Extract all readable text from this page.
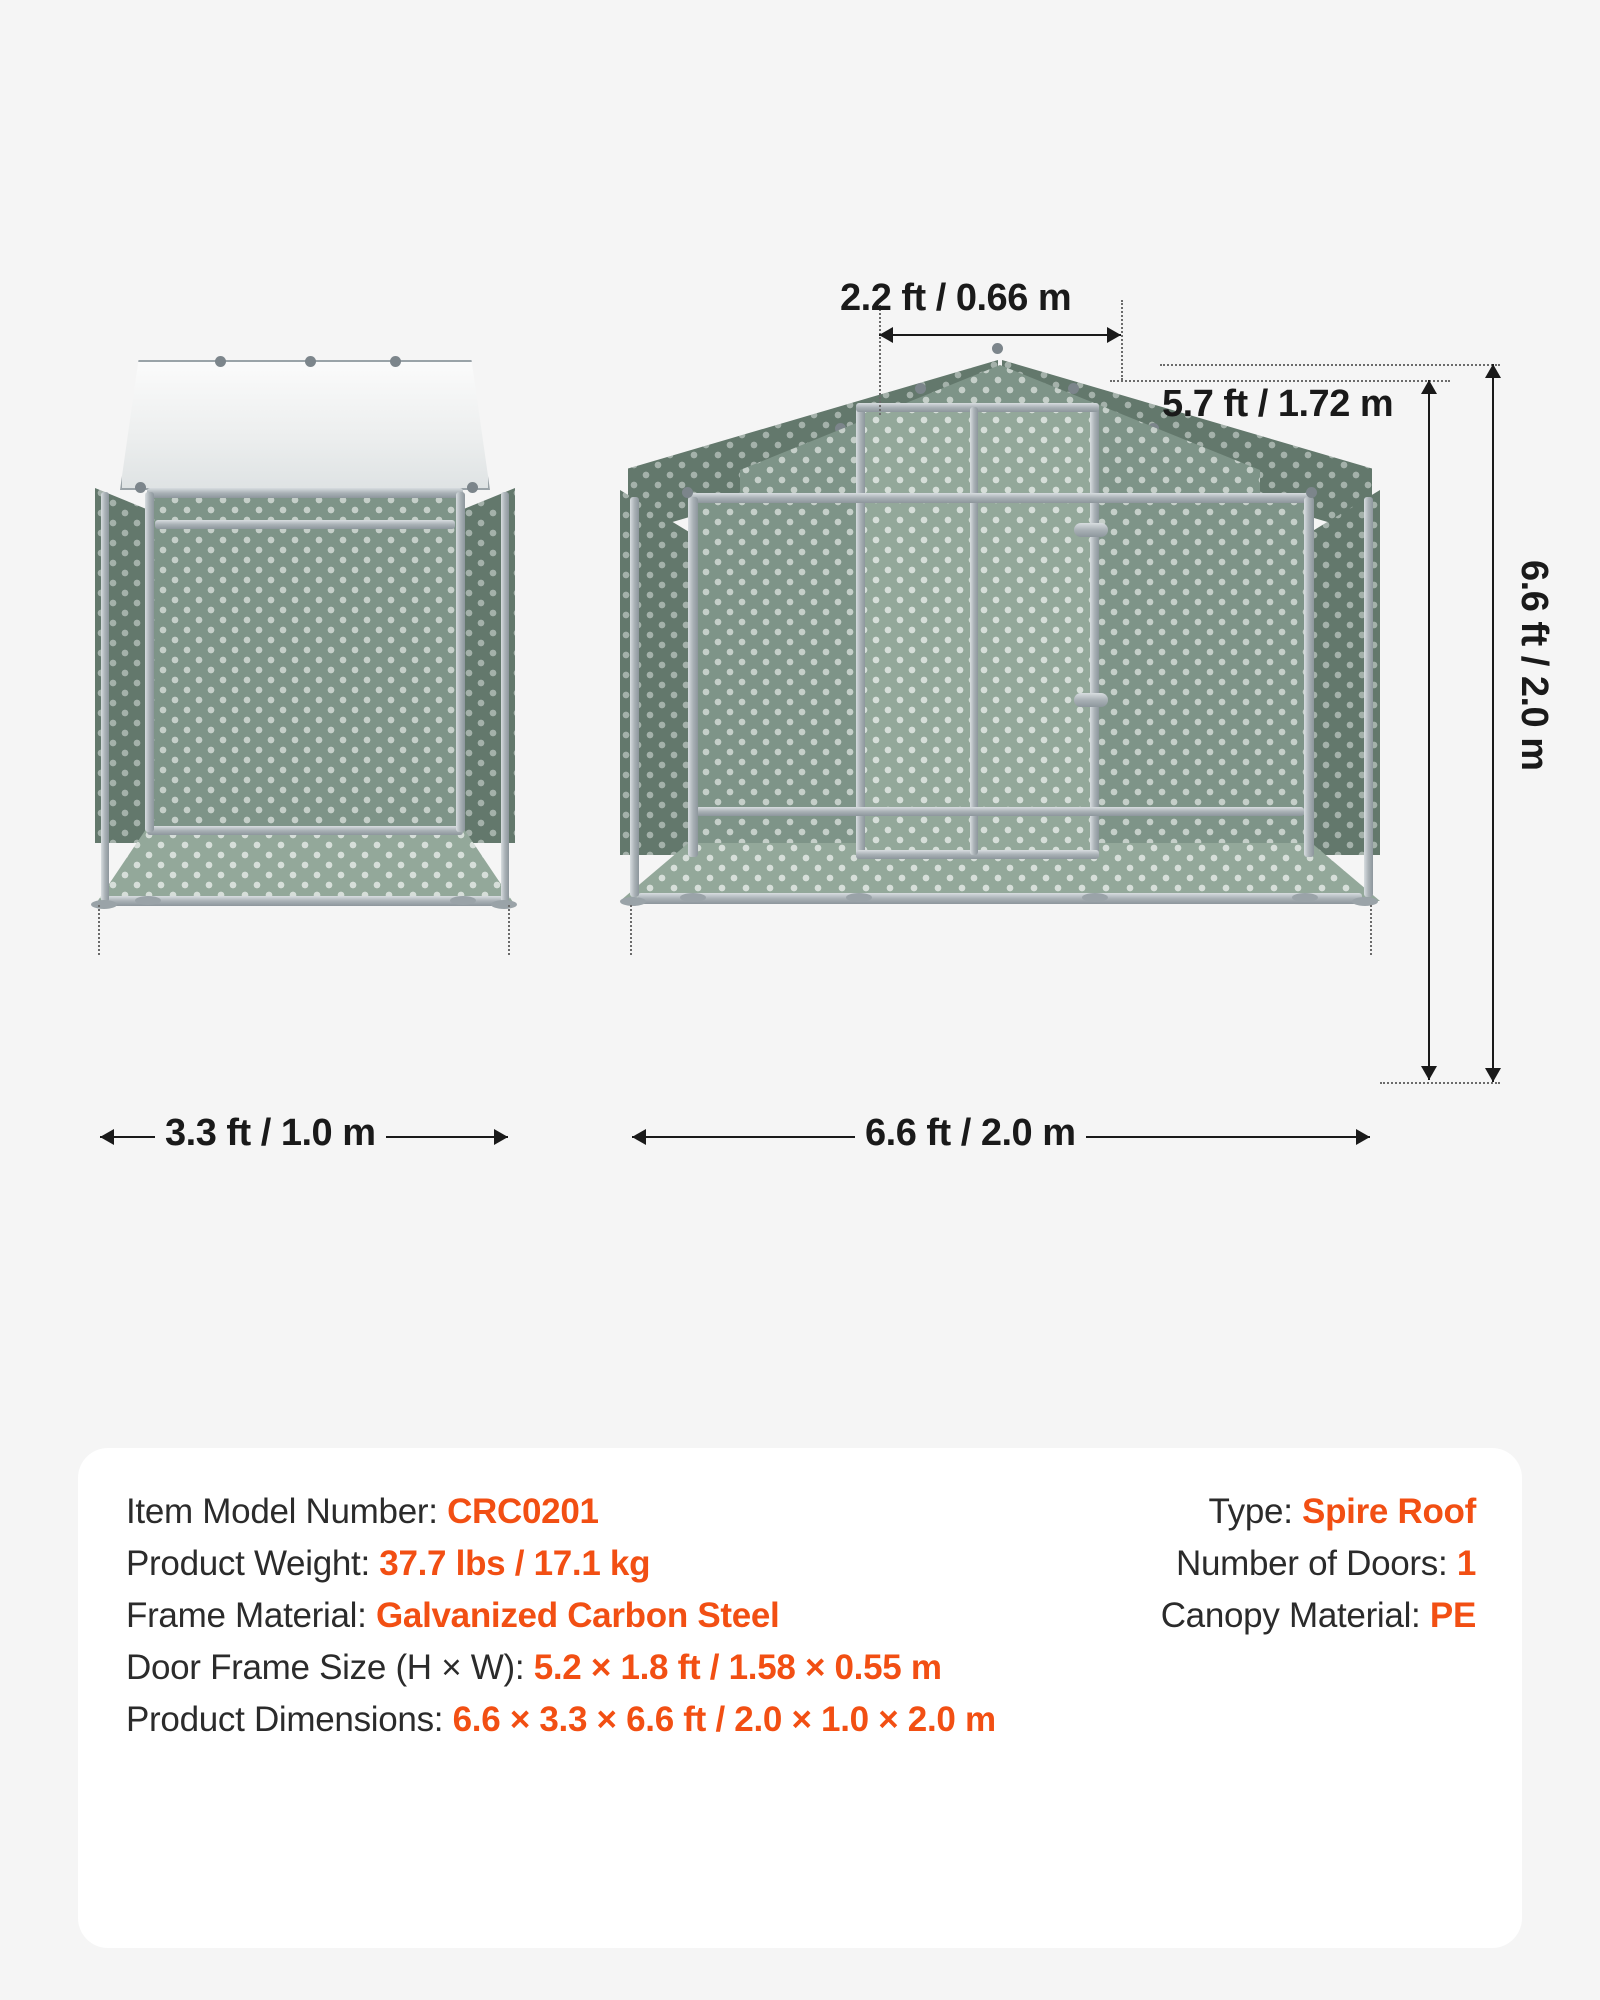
3.3 ft / 1.0 m
2.2 ft / 0.66 m
5.7 ft / 1.72 m
6.6 ft / 2.0 m
6.6 ft / 2.0 m
Item Model Number: CRC0201	Type: Spire Roof
Product Weight: 37.7 lbs / 17.1 kg	Number of Doors: 1
Frame Material: Galvanized Carbon Steel	Canopy Material: PE
Door Frame Size (H × W): 5.2 × 1.8 ft / 1.58 × 0.55 m
Product Dimensions: 6.6 × 3.3 × 6.6 ft / 2.0 × 1.0 × 2.0 m
